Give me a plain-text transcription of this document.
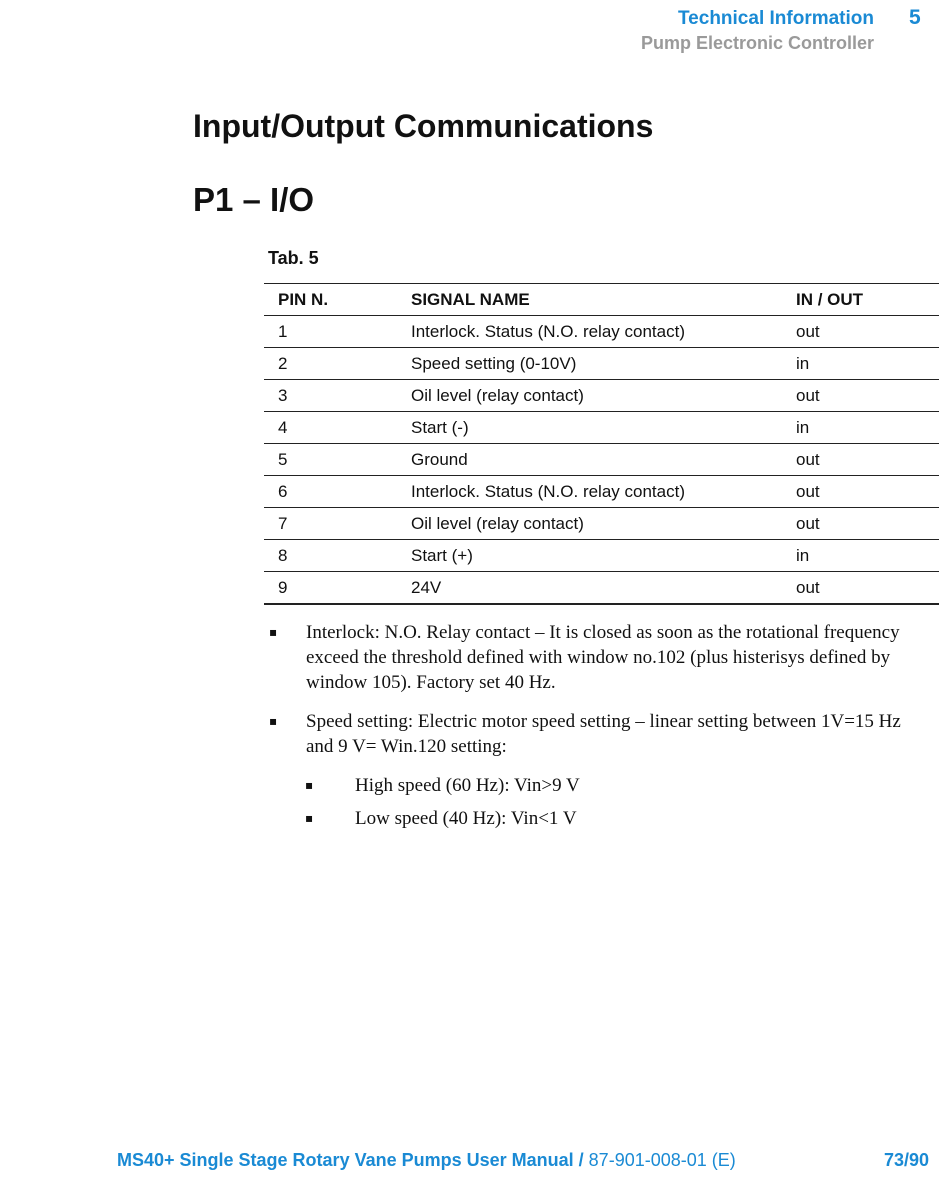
Technical Information 5
Pump Electronic Controller
Input/Output Communications
P1 – I/O
Tab. 5
PIN N.	SIGNAL NAME	IN / OUT
1	Interlock. Status (N.O. relay contact)	out
2	Speed setting (0-10V)	in
3	Oil level (relay contact)	out
4	Start (-)	in
5	Ground	out
6	Interlock. Status (N.O. relay contact)	out
7	Oil level (relay contact)	out
8	Start (+)	in
9	24V	out
▪ Interlock: N.O. Relay contact – It is closed as soon as the rotational frequency exceed the threshold defined with window no.102 (plus histerisys defined by window 105). Factory set 40 Hz.
▪ Speed setting: Electric motor speed setting – linear setting between 1V=15 Hz and 9 V= Win.120 setting:
▪ High speed (60 Hz): Vin>9 V
▪ Low speed (40 Hz): Vin<1 V
MS40+ Single Stage Rotary Vane Pumps User Manual / 87-901-008-01 (E)	73/90
